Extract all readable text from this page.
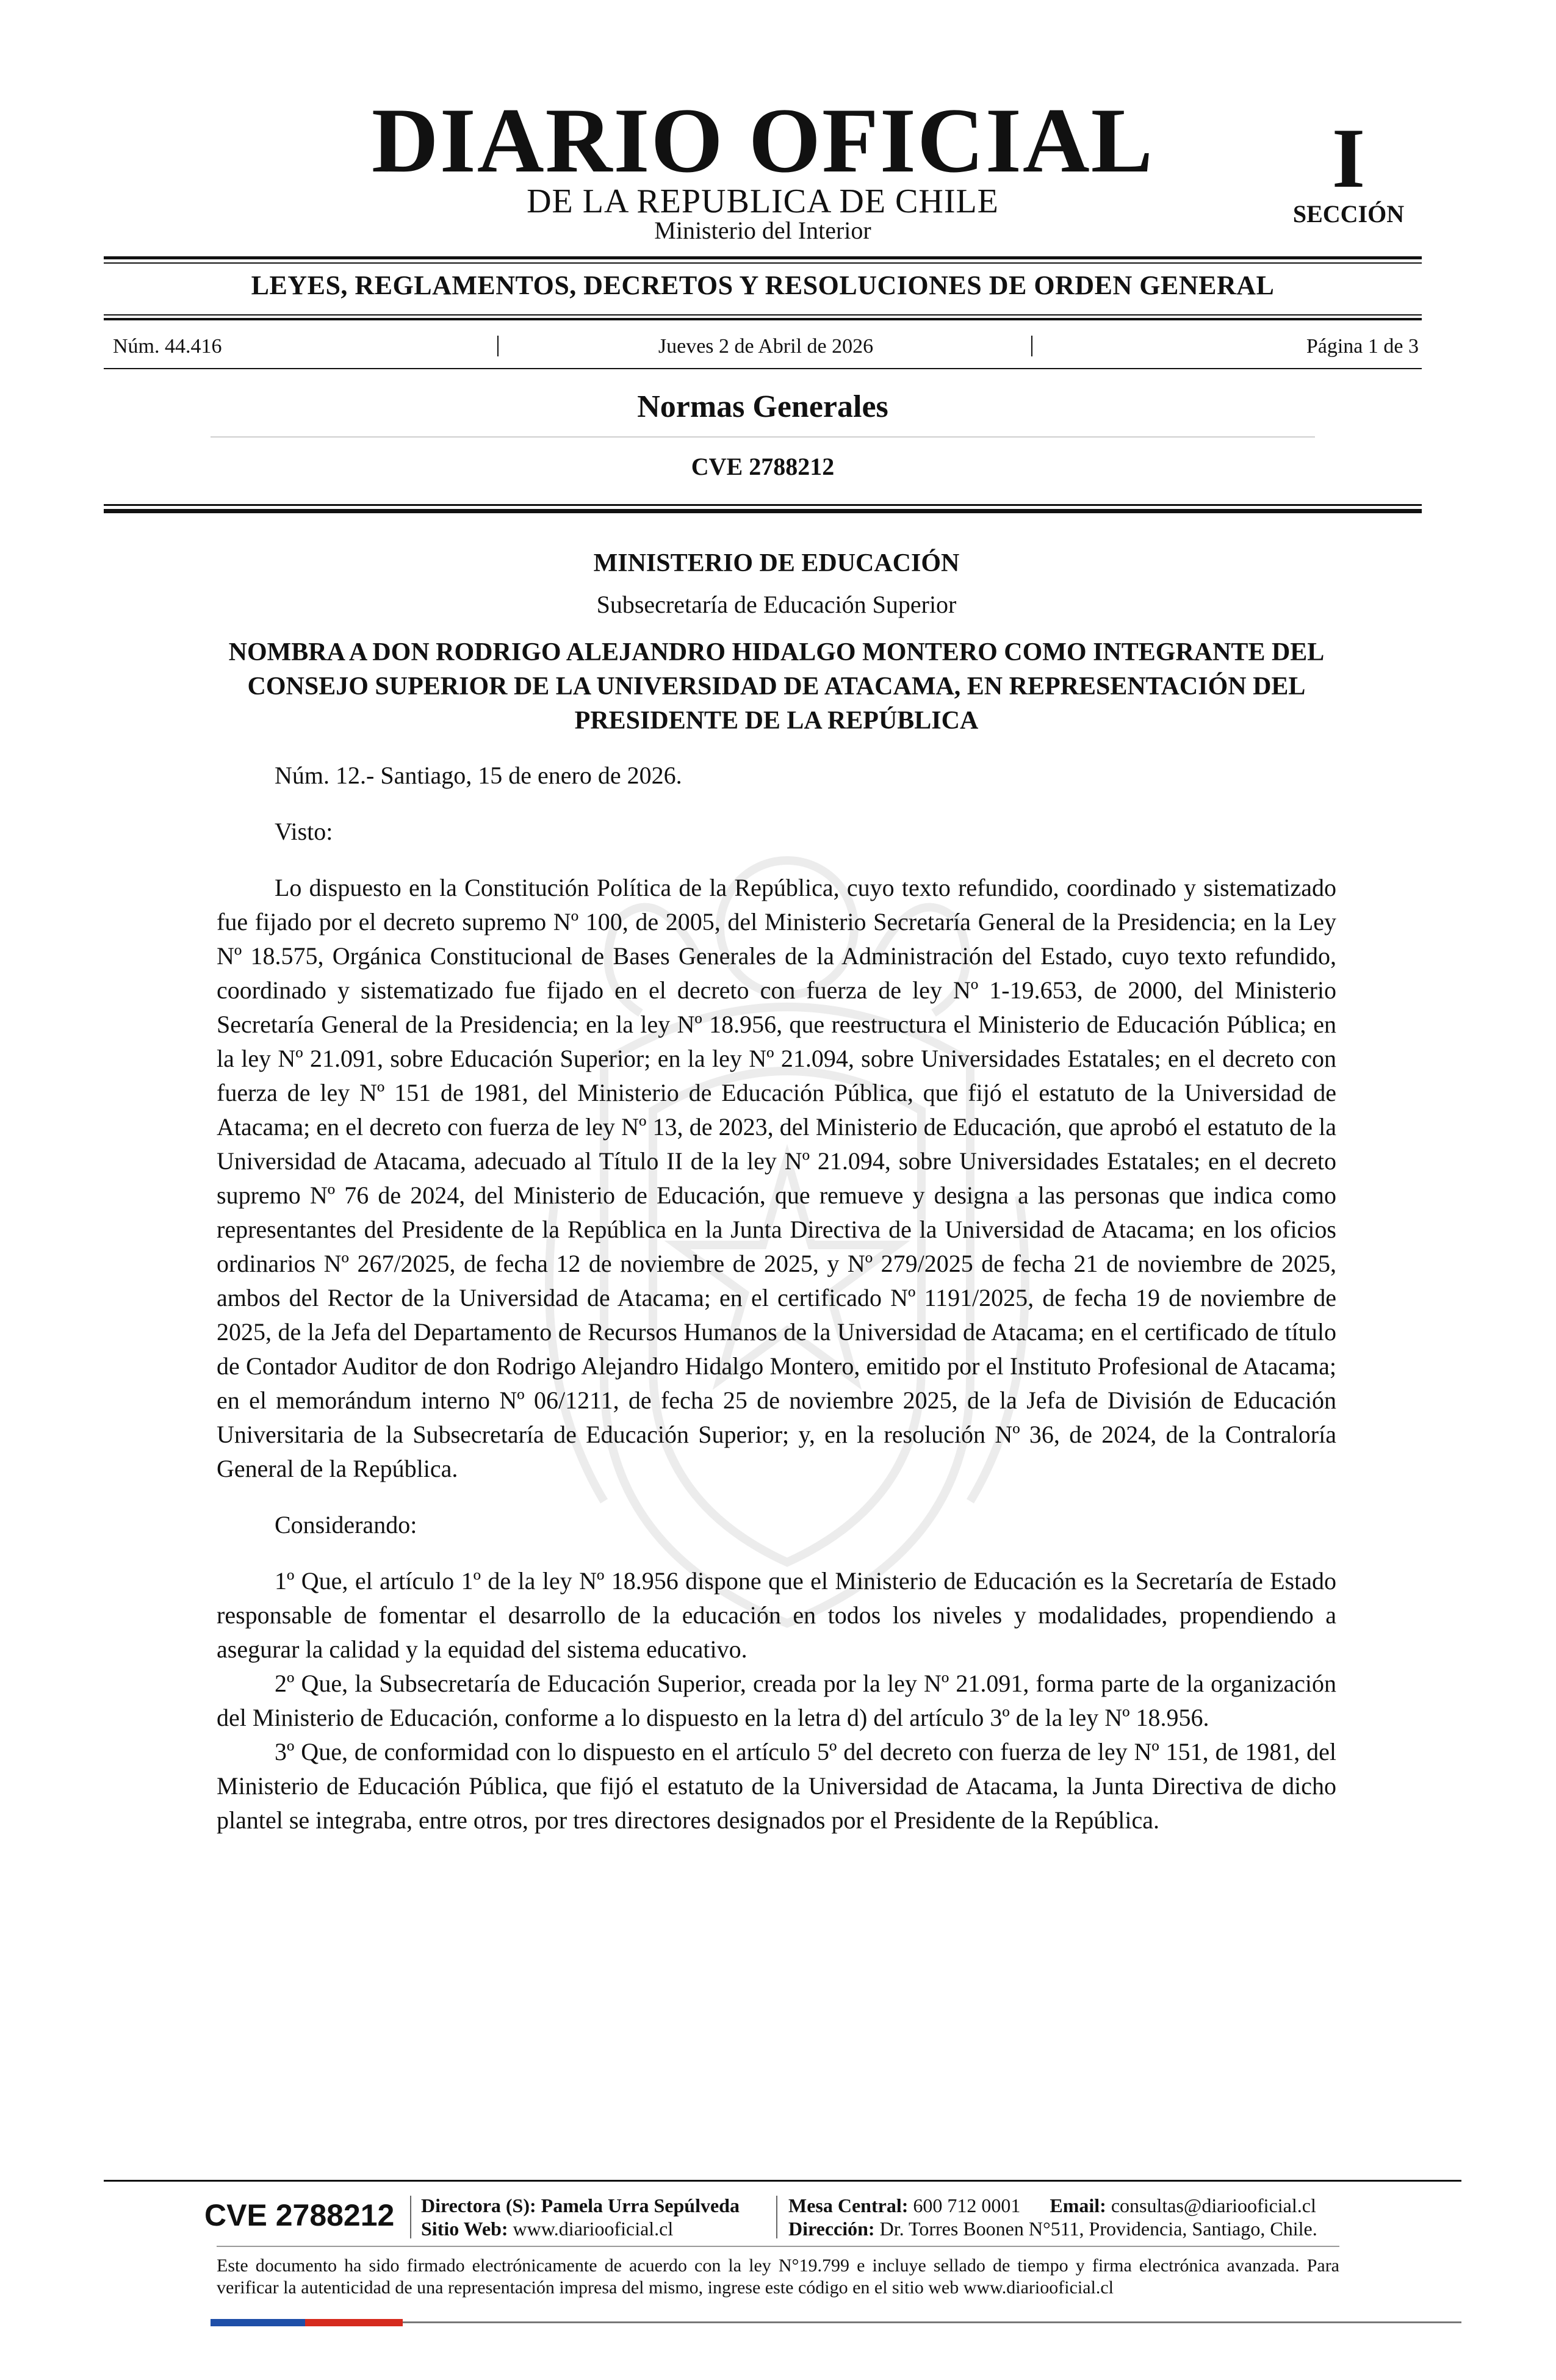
DIARIO OFICIAL
DE LA REPUBLICA DE CHILE
Ministerio del Interior
I
SECCIÓN
LEYES, REGLAMENTOS, DECRETOS Y RESOLUCIONES DE ORDEN GENERAL
Núm. 44.416	Jueves 2 de Abril de 2026	Página 1 de 3
Normas Generales
CVE 2788212
MINISTERIO DE EDUCACIÓN
Subsecretaría de Educación Superior
NOMBRA A DON RODRIGO ALEJANDRO HIDALGO MONTERO COMO INTEGRANTE DEL CONSEJO SUPERIOR DE LA UNIVERSIDAD DE ATACAMA, EN REPRESENTACIÓN DEL PRESIDENTE DE LA REPÚBLICA

Núm. 12.- Santiago, 15 de enero de 2026.

Visto:

Lo dispuesto en la Constitución Política de la República, cuyo texto refundido, coordinado y sistematizado fue fijado por el decreto supremo Nº 100, de 2005, del Ministerio Secretaría General de la Presidencia; en la Ley Nº 18.575, Orgánica Constitucional de Bases Generales de la Administración del Estado, cuyo texto refundido, coordinado y sistematizado fue fijado en el decreto con fuerza de ley Nº 1-19.653, de 2000, del Ministerio Secretaría General de la Presidencia; en la ley Nº 18.956, que reestructura el Ministerio de Educación Pública; en la ley Nº 21.091, sobre Educación Superior; en la ley Nº 21.094, sobre Universidades Estatales; en el decreto con fuerza de ley Nº 151 de 1981, del Ministerio de Educación Pública, que fijó el estatuto de la Universidad de Atacama; en el decreto con fuerza de ley Nº 13, de 2023, del Ministerio de Educación, que aprobó el estatuto de la Universidad de Atacama, adecuado al Título II de la ley Nº 21.094, sobre Universidades Estatales; en el decreto supremo Nº 76 de 2024, del Ministerio de Educación, que remueve y designa a las personas que indica como representantes del Presidente de la República en la Junta Directiva de la Universidad de Atacama; en los oficios ordinarios Nº 267/2025, de fecha 12 de noviembre de 2025, y Nº 279/2025 de fecha 21 de noviembre de 2025, ambos del Rector de la Universidad de Atacama; en el certificado Nº 1191/2025, de fecha 19 de noviembre de 2025, de la Jefa del Departamento de Recursos Humanos de la Universidad de Atacama; en el certificado de título de Contador Auditor de don Rodrigo Alejandro Hidalgo Montero, emitido por el Instituto Profesional de Atacama; en el memorándum interno Nº 06/1211, de fecha 25 de noviembre 2025, de la Jefa de División de Educación Universitaria de la Subsecretaría de Educación Superior; y, en la resolución Nº 36, de 2024, de la Contraloría General de la República.

Considerando:

1º Que, el artículo 1º de la ley Nº 18.956 dispone que el Ministerio de Educación es la Secretaría de Estado responsable de fomentar el desarrollo de la educación en todos los niveles y modalidades, propendiendo a asegurar la calidad y la equidad del sistema educativo.

2º Que, la Subsecretaría de Educación Superior, creada por la ley Nº 21.091, forma parte de la organización del Ministerio de Educación, conforme a lo dispuesto en la letra d) del artículo 3º de la ley Nº 18.956.

3º Que, de conformidad con lo dispuesto en el artículo 5º del decreto con fuerza de ley Nº 151, de 1981, del Ministerio de Educación Pública, que fijó el estatuto de la Universidad de Atacama, la Junta Directiva de dicho plantel se integraba, entre otros, por tres directores designados por el Presidente de la República.

CVE 2788212	Directora (S): Pamela Urra Sepúlveda
Sitio Web: www.diariooficial.cl
Mesa Central: 600 712 0001 Email: consultas@diariooficial.cl
Dirección: Dr. Torres Boonen N°511, Providencia, Santiago, Chile.
Este documento ha sido firmado electrónicamente de acuerdo con la ley N°19.799 e incluye sellado de tiempo y firma electrónica avanzada. Para verificar la autenticidad de una representación impresa del mismo, ingrese este código en el sitio web www.diariooficial.cl
